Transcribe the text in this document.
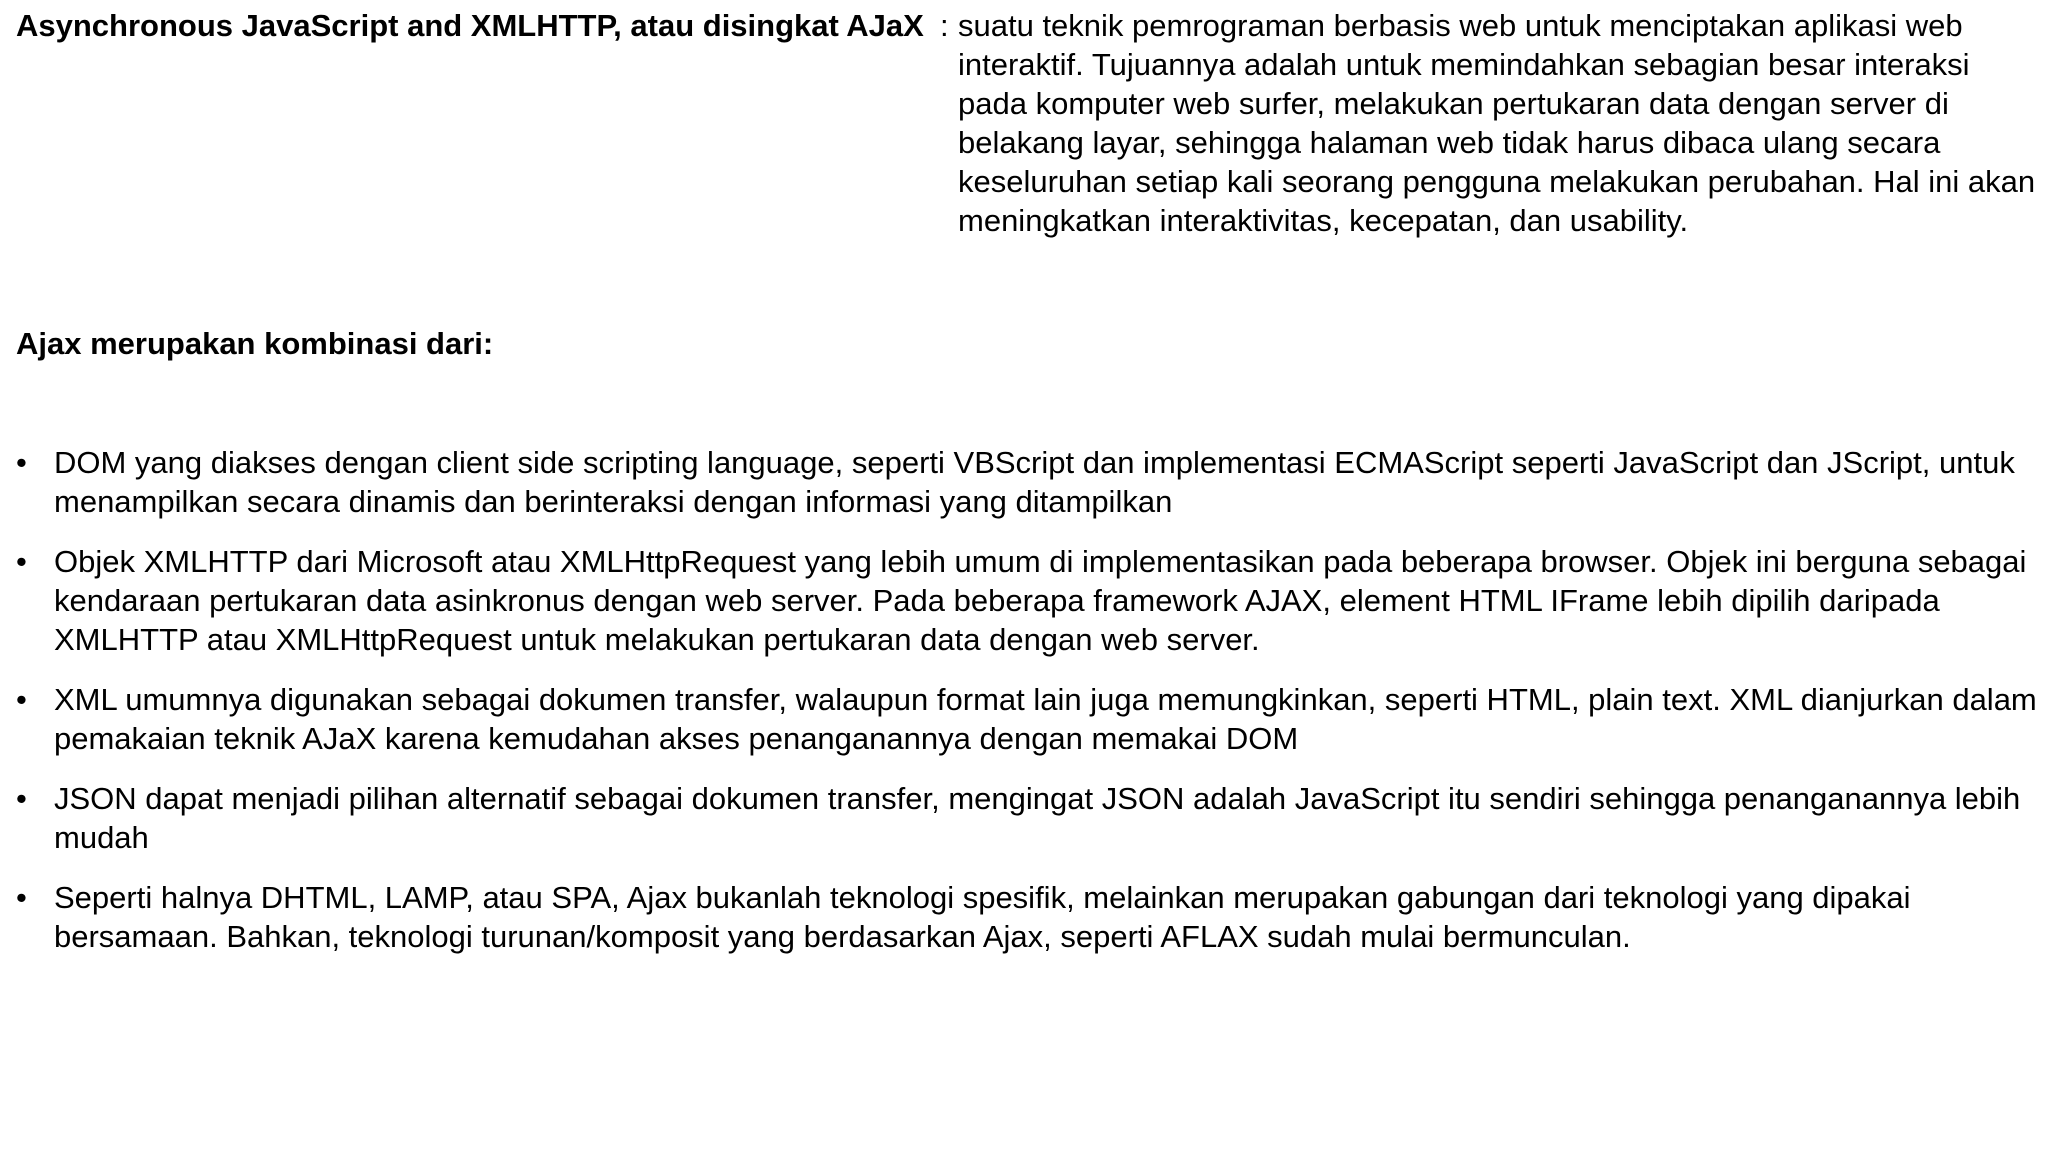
Asynchronous JavaScript and XMLHTTP, atau disingkat AJaX : suatu teknik pemrograman berbasis web untuk menciptakan aplikasi web interaktif. Tujuannya adalah untuk memindahkan sebagian besar interaksi pada komputer web surfer, melakukan pertukaran data dengan server di belakang layar, sehingga halaman web tidak harus dibaca ulang secara keseluruhan setiap kali seorang pengguna melakukan perubahan. Hal ini akan meningkatkan interaktivitas, kecepatan, dan usability.
Ajax merupakan kombinasi dari:
• DOM yang diakses dengan client side scripting language, seperti VBScript dan implementasi ECMAScript seperti JavaScript dan JScript, untuk menampilkan secara dinamis dan berinteraksi dengan informasi yang ditampilkan
• Objek XMLHTTP dari Microsoft atau XMLHttpRequest yang lebih umum di implementasikan pada beberapa browser. Objek ini berguna sebagai kendaraan pertukaran data asinkronus dengan web server. Pada beberapa framework AJAX, element HTML IFrame lebih dipilih daripada XMLHTTP atau XMLHttpRequest untuk melakukan pertukaran data dengan web server.
• XML umumnya digunakan sebagai dokumen transfer, walaupun format lain juga memungkinkan, seperti HTML, plain text. XML dianjurkan dalam pemakaian teknik AJaX karena kemudahan akses penanganannya dengan memakai DOM
• JSON dapat menjadi pilihan alternatif sebagai dokumen transfer, mengingat JSON adalah JavaScript itu sendiri sehingga penanganannya lebih mudah
• Seperti halnya DHTML, LAMP, atau SPA, Ajax bukanlah teknologi spesifik, melainkan merupakan gabungan dari teknologi yang dipakai bersamaan. Bahkan, teknologi turunan/komposit yang berdasarkan Ajax, seperti AFLAX sudah mulai bermunculan.
